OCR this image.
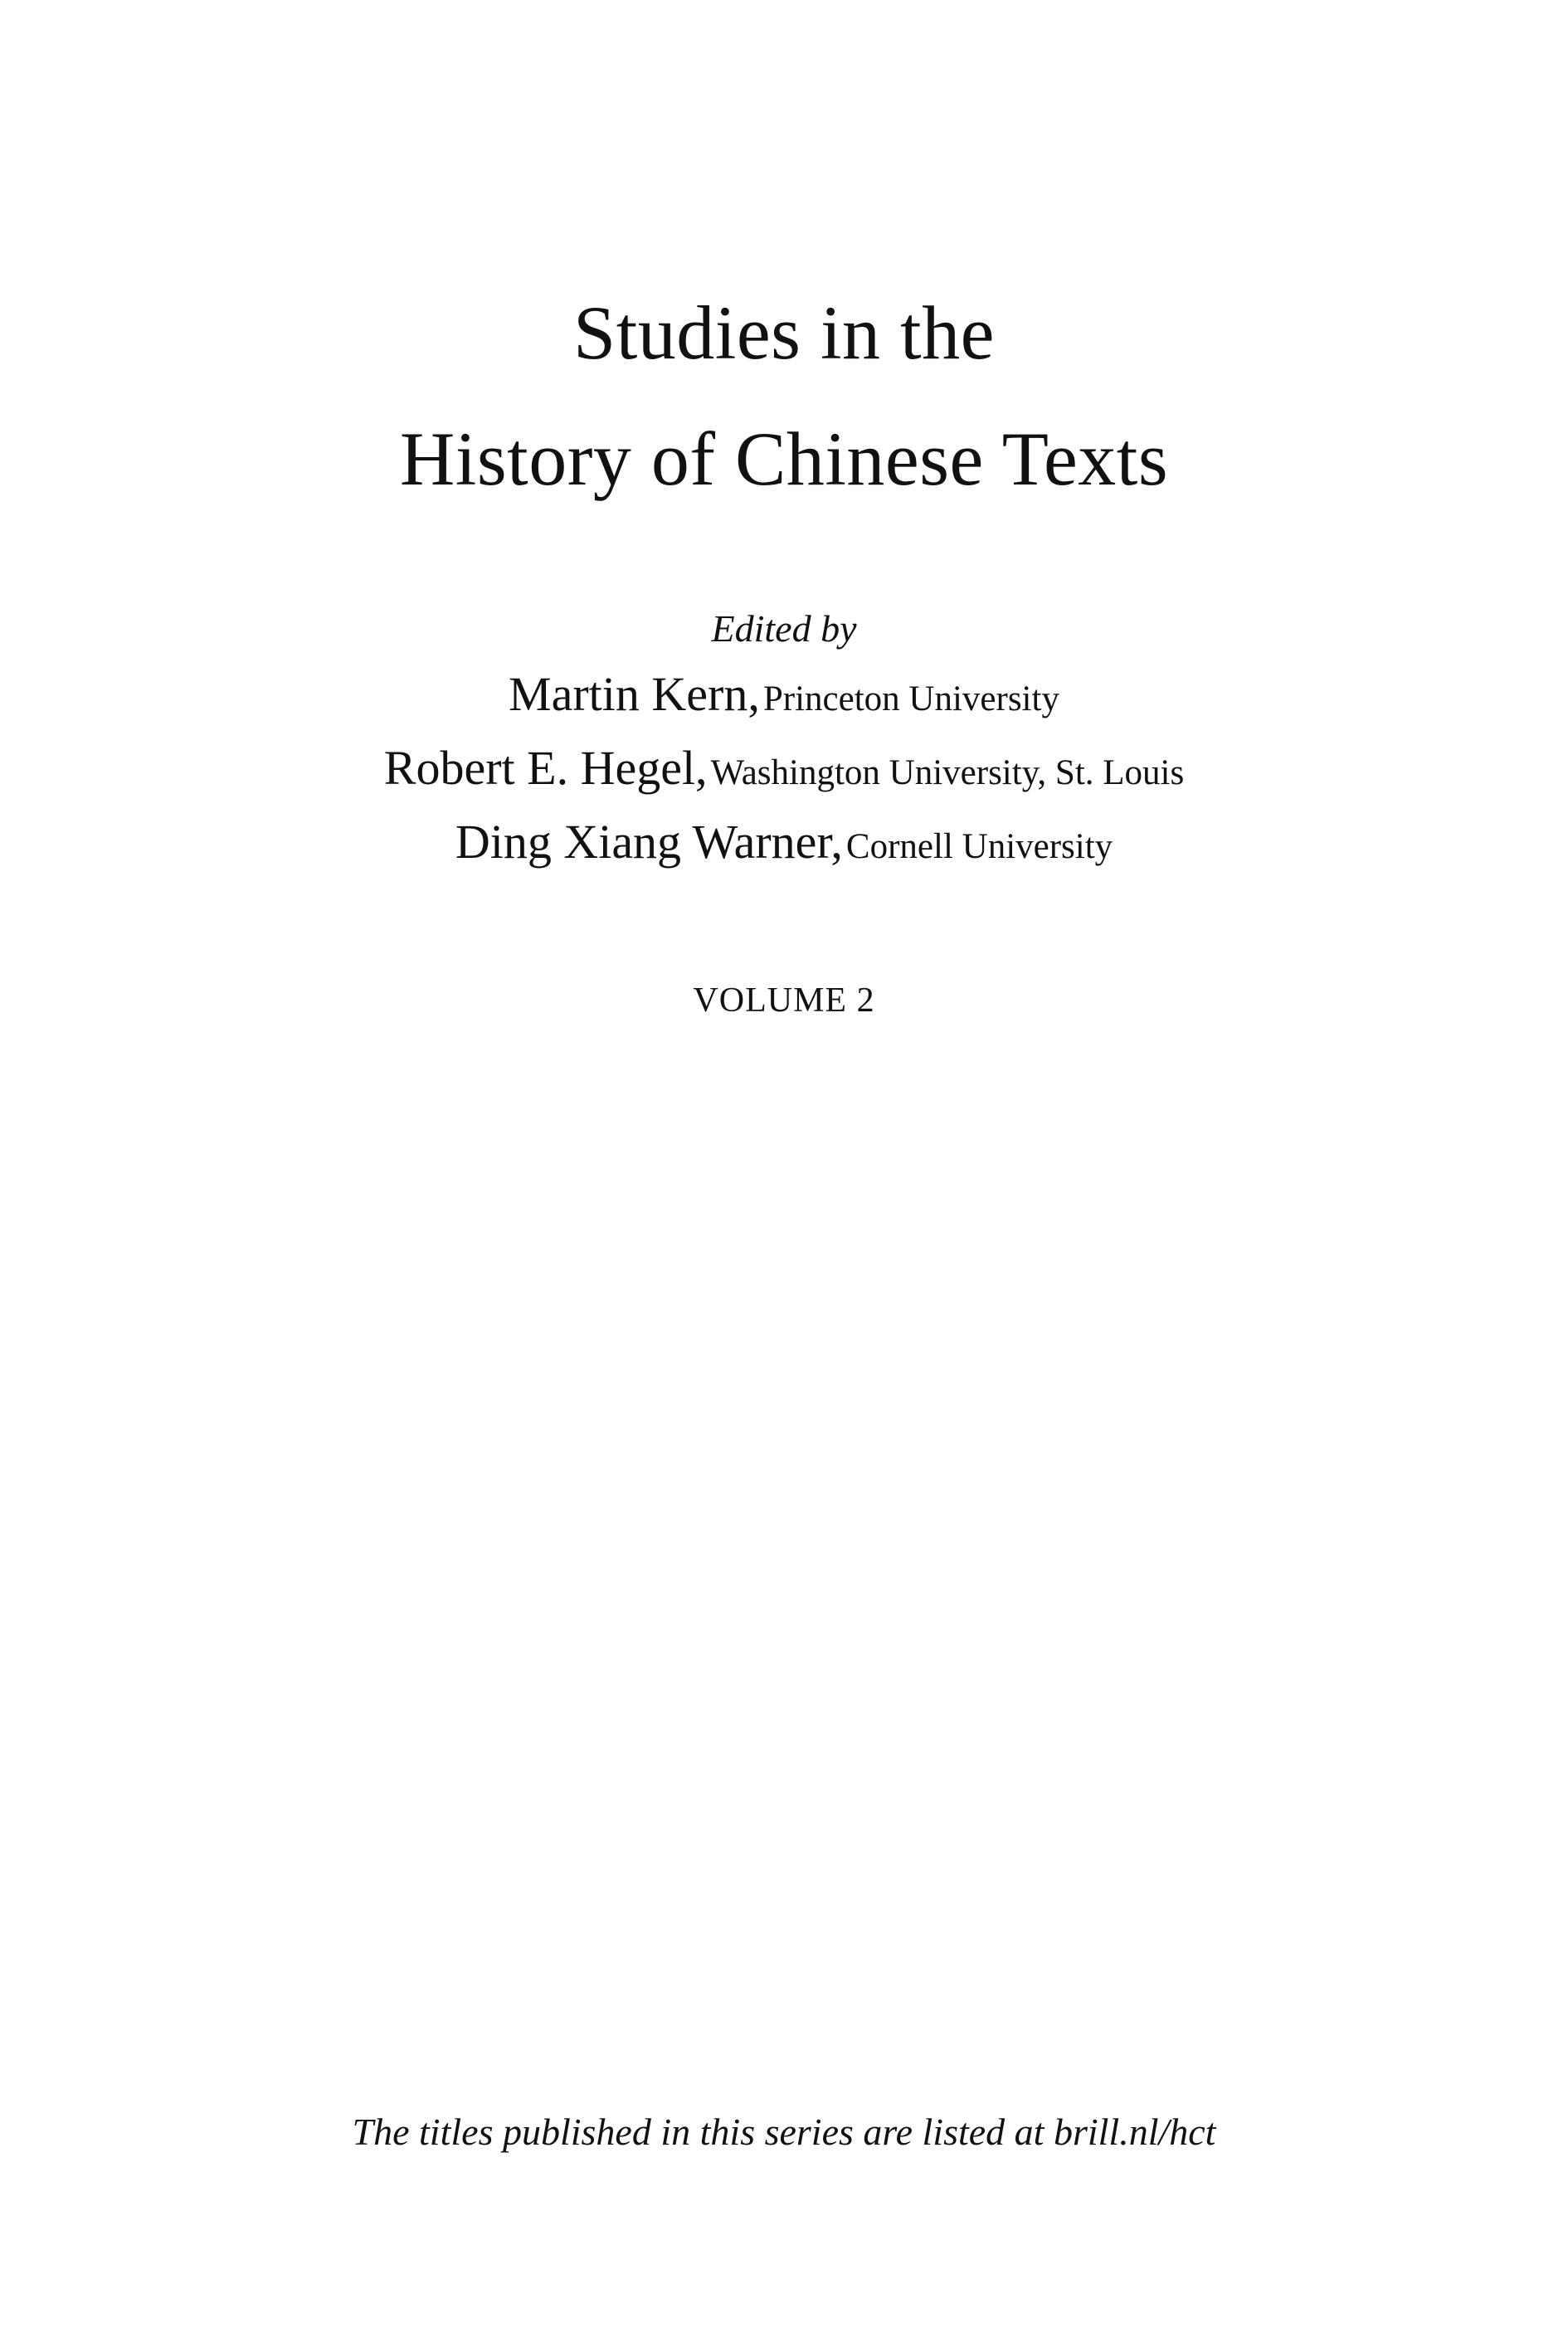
Studies in the
History of Chinese Texts
Edited by
Martin Kern, Princeton University
Robert E. Hegel, Washington University, St. Louis
Ding Xiang Warner, Cornell University
VOLUME 2
The titles published in this series are listed at brill.nl/hct
